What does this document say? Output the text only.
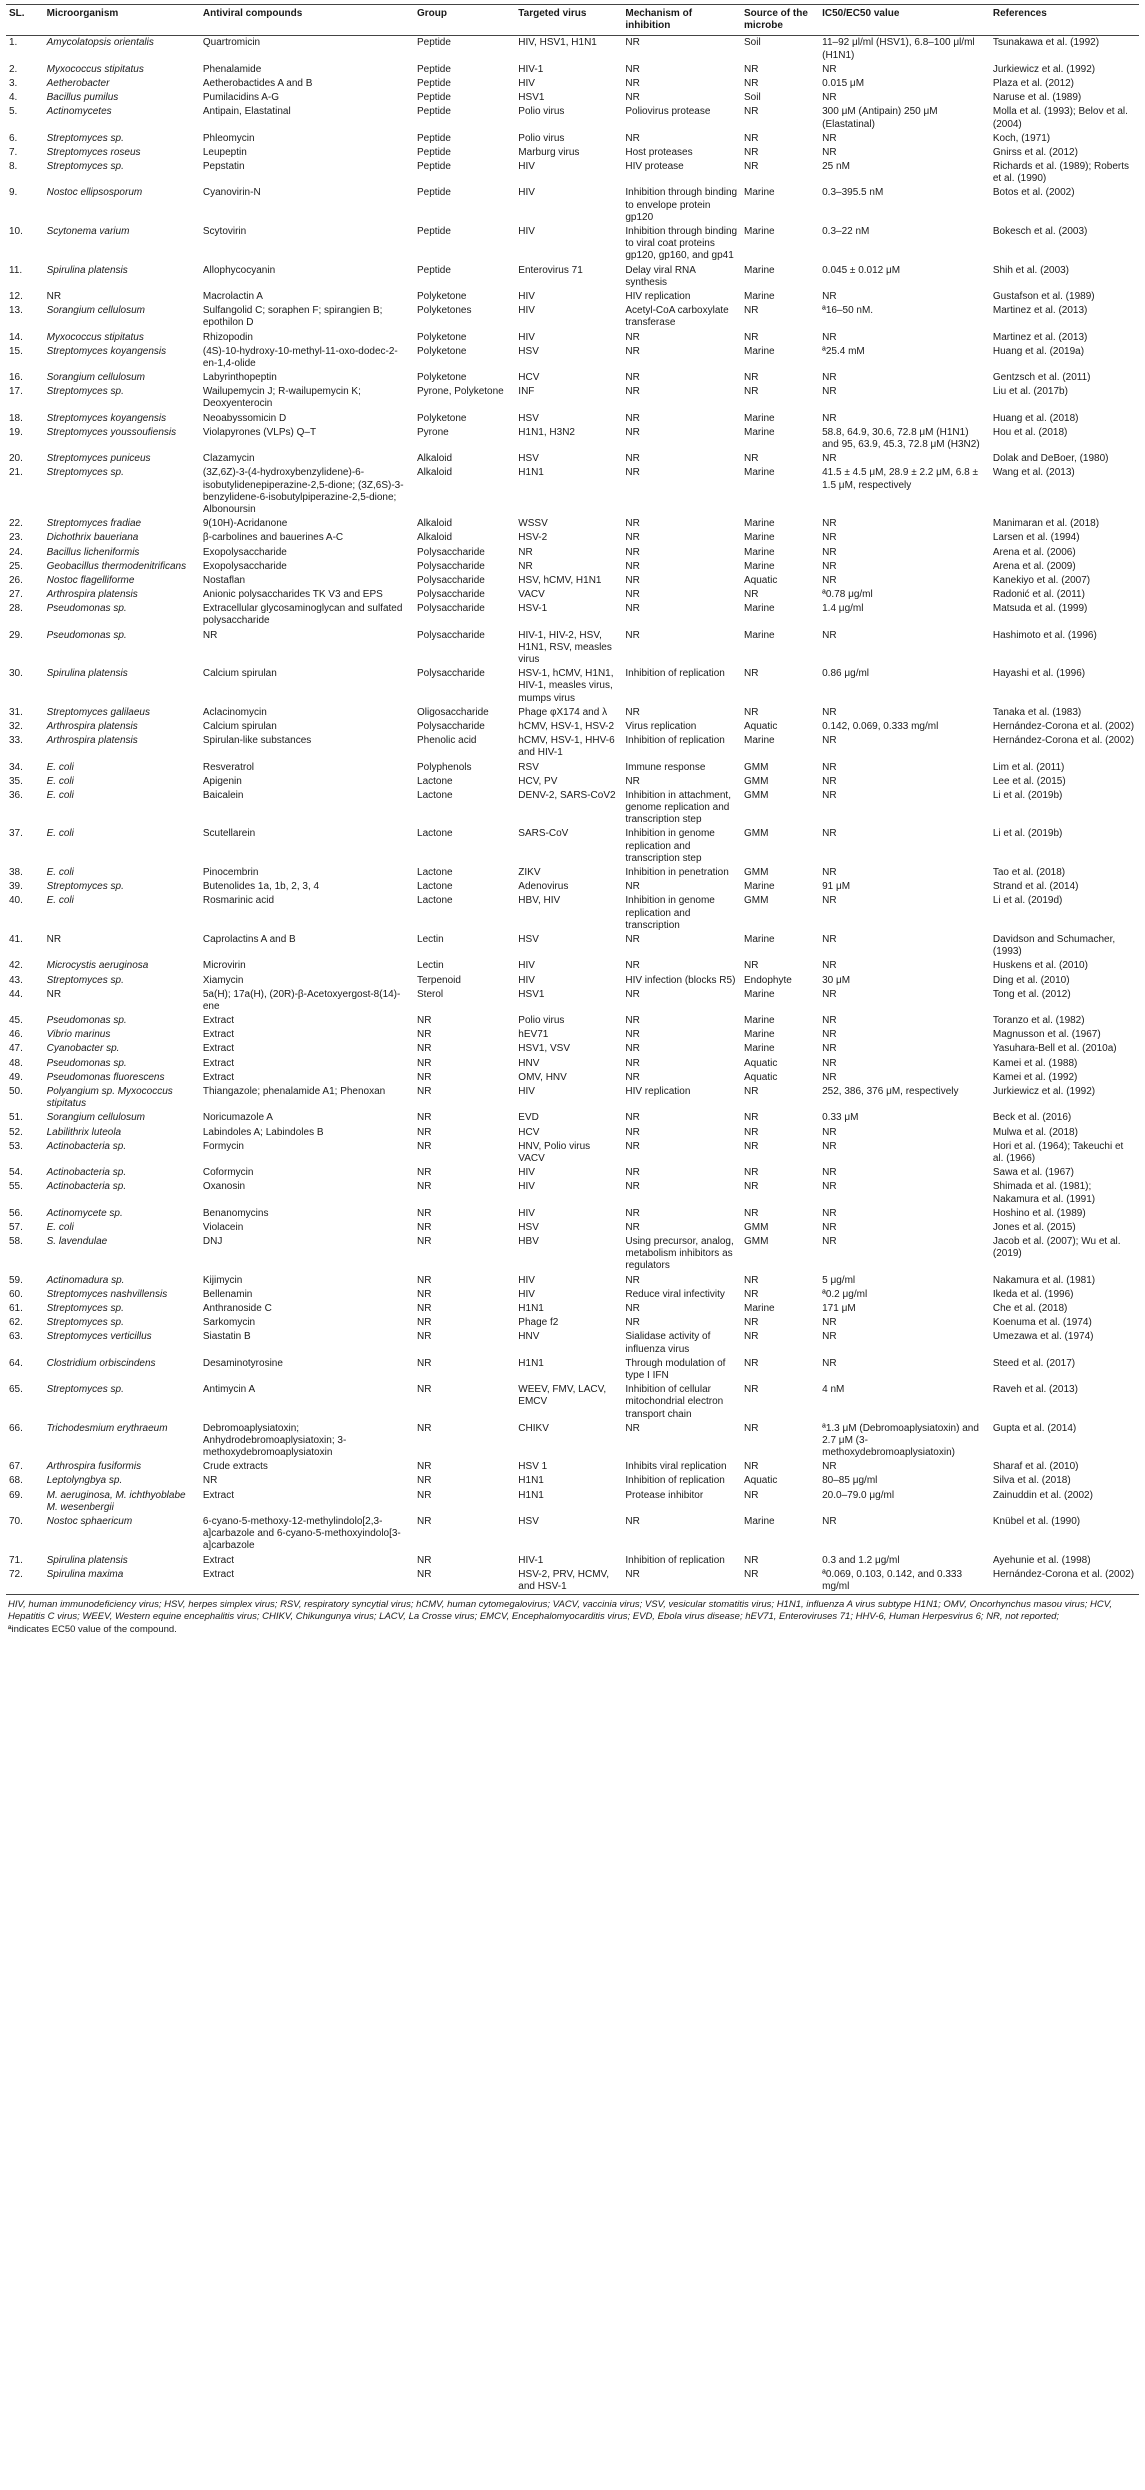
SL.	Microorganism	Antiviral compounds	Group	Targeted virus	Mechanism of inhibition	Source of the microbe	IC50/EC50 value	References
1.	Amycolatopsis orientalis	Quartromicin	Peptide	HIV, HSV1, H1N1	NR	Soil	11–92 μl/ml (HSV1), 6.8–100 μl/ml (H1N1)	Tsunakawa et al. (1992)
2.	Myxococcus stipitatus	Phenalamide	Peptide	HIV-1	NR	NR	NR	Jurkiewicz et al. (1992)
3.	Aetherobacter	Aetherobactides A and B	Peptide	HIV	NR	NR	0.015 μM	Plaza et al. (2012)
4.	Bacillus pumilus	Pumilacidins A-G	Peptide	HSV1	NR	Soil	NR	Naruse et al. (1989)
5.	Actinomycetes	Antipain, Elastatinal	Peptide	Polio virus	Poliovirus protease	NR	300 μM (Antipain) 250 μM (Elastatinal)	Molla et al. (1993); Belov et al. (2004)
6.	Streptomyces sp.	Phleomycin	Peptide	Polio virus	NR	NR	NR	Koch, (1971)
7.	Streptomyces roseus	Leupeptin	Peptide	Marburg virus	Host proteases	NR	NR	Gnirss et al. (2012)
8.	Streptomyces sp.	Pepstatin	Peptide	HIV	HIV protease	NR	25 nM	Richards et al. (1989); Roberts et al. (1990)
9.	Nostoc ellipsosporum	Cyanovirin-N	Peptide	HIV	Inhibition through binding to envelope protein gp120	Marine	0.3–395.5 nM	Botos et al. (2002)
10.	Scytonema varium	Scytovirin	Peptide	HIV	Inhibition through binding to viral coat proteins gp120, gp160, and gp41	Marine	0.3–22 nM	Bokesch et al. (2003)
11.	Spirulina platensis	Allophycocyanin	Peptide	Enterovirus 71	Delay viral RNA synthesis	Marine	0.045 ± 0.012 μM	Shih et al. (2003)
12.	NR	Macrolactin A	Polyketone	HIV	HIV replication	Marine	NR	Gustafson et al. (1989)
13.	Sorangium cellulosum	Sulfangolid C; soraphen F; spirangien B; epothilon D	Polyketones	HIV	Acetyl-CoA carboxylate transferase	NR	ª16–50 nM.	Martinez et al. (2013)
14.	Myxococcus stipitatus	Rhizopodin	Polyketone	HIV	NR	NR	NR	Martinez et al. (2013)
15.	Streptomyces koyangensis	(4S)-10-hydroxy-10-methyl-11-oxo-dodec-2-en-1,4-olide	Polyketone	HSV	NR	Marine	ª25.4 mM	Huang et al. (2019a)
16.	Sorangium cellulosum	Labyrinthopeptin	Polyketone	HCV	NR	NR	NR	Gentzsch et al. (2011)
17.	Streptomyces sp.	Wailupemycin J; R-wailupemycin K; Deoxyenterocin	Pyrone, Polyketone	INF	NR	NR	NR	Liu et al. (2017b)
18.	Streptomyces koyangensis	Neoabyssomicin D	Polyketone	HSV	NR	Marine	NR	Huang et al. (2018)
19.	Streptomyces youssoufiensis	Violapyrones (VLPs) Q–T	Pyrone	H1N1, H3N2	NR	Marine	58.8, 64.9, 30.6, 72.8 μM (H1N1) and 95, 63.9, 45.3, 72.8 μM (H3N2)	Hou et al. (2018)
20.	Streptomyces puniceus	Clazamycin	Alkaloid	HSV	NR	NR	NR	Dolak and DeBoer, (1980)
21.	Streptomyces sp.	(3Z,6Z)-3-(4-hydroxybenzylidene)-6-isobutylidenepiperazine-2,5-dione; (3Z,6S)-3-benzylidene-6-isobutylpiperazine-2,5-dione; Albonoursin	Alkaloid	H1N1	NR	Marine	41.5 ± 4.5 μM, 28.9 ± 2.2 μM, 6.8 ± 1.5 μM, respectively	Wang et al. (2013)
22.	Streptomyces fradiae	9(10H)-Acridanone	Alkaloid	WSSV	NR	Marine	NR	Manimaran et al. (2018)
23.	Dichothrix baueriana	β-carbolines and bauerines A-C	Alkaloid	HSV-2	NR	Marine	NR	Larsen et al. (1994)
24.	Bacillus licheniformis	Exopolysaccharide	Polysaccharide	NR	NR	Marine	NR	Arena et al. (2006)
25.	Geobacillus thermodenitrificans	Exopolysaccharide	Polysaccharide	NR	NR	Marine	NR	Arena et al. (2009)
26.	Nostoc flagelliforme	Nostaflan	Polysaccharide	HSV, hCMV, H1N1	NR	Aquatic	NR	Kanekiyo et al. (2007)
27.	Arthrospira platensis	Anionic polysaccharides TK V3 and EPS	Polysaccharide	VACV	NR	NR	ª0.78 μg/ml	Radonić et al. (2011)
28.	Pseudomonas sp.	Extracellular glycosaminoglycan and sulfated polysaccharide	Polysaccharide	HSV-1	NR	Marine	1.4 μg/ml	Matsuda et al. (1999)
29.	Pseudomonas sp.	NR	Polysaccharide	HIV-1, HIV-2, HSV, H1N1, RSV, measles virus	NR	Marine	NR	Hashimoto et al. (1996)
30.	Spirulina platensis	Calcium spirulan	Polysaccharide	HSV-1, hCMV, H1N1, HIV-1, measles virus, mumps virus	Inhibition of replication	NR	0.86 μg/ml	Hayashi et al. (1996)
31.	Streptomyces galilaeus	Aclacinomycin	Oligosaccharide	Phage φX174 and λ	NR	NR	NR	Tanaka et al. (1983)
32.	Arthrospira platensis	Calcium spirulan	Polysaccharide	hCMV, HSV-1, HSV-2	Virus replication	Aquatic	0.142, 0.069, 0.333 mg/ml	Hernández-Corona et al. (2002)
33.	Arthrospira platensis	Spirulan-like substances	Phenolic acid	hCMV, HSV-1, HHV-6 and HIV-1	Inhibition of replication	Marine	NR	Hernández-Corona et al. (2002)
34.	E. coli	Resveratrol	Polyphenols	RSV	Immune response	GMM	NR	Lim et al. (2011)
35.	E. coli	Apigenin	Lactone	HCV, PV	NR	GMM	NR	Lee et al. (2015)
36.	E. coli	Baicalein	Lactone	DENV-2, SARS-CoV2	Inhibition in attachment, genome replication and transcription step	GMM	NR	Li et al. (2019b)
37.	E. coli	Scutellarein	Lactone	SARS-CoV	Inhibition in genome replication and transcription step	GMM	NR	Li et al. (2019b)
38.	E. coli	Pinocembrin	Lactone	ZIKV	Inhibition in penetration	GMM	NR	Tao et al. (2018)
39.	Streptomyces sp.	Butenolides 1a, 1b, 2, 3, 4	Lactone	Adenovirus	NR	Marine	91 μM	Strand et al. (2014)
40.	E. coli	Rosmarinic acid	Lactone	HBV, HIV	Inhibition in genome replication and transcription	GMM	NR	Li et al. (2019d)
41.	NR	Caprolactins A and B	Lectin	HSV	NR	Marine	NR	Davidson and Schumacher, (1993)
42.	Microcystis aeruginosa	Microvirin	Lectin	HIV	NR	NR	NR	Huskens et al. (2010)
43.	Streptomyces sp.	Xiamycin	Terpenoid	HIV	HIV infection (blocks R5)	Endophyte	30 μM	Ding et al. (2010)
44.	NR	5a(H); 17a(H), (20R)-β-Acetoxyergost-8(14)-ene	Sterol	HSV1	NR	Marine	NR	Tong et al. (2012)
45.	Pseudomonas sp.	Extract	NR	Polio virus	NR	Marine	NR	Toranzo et al. (1982)
46.	Vibrio marinus	Extract	NR	hEV71	NR	Marine	NR	Magnusson et al. (1967)
47.	Cyanobacter sp.	Extract	NR	HSV1, VSV	NR	Marine	NR	Yasuhara-Bell et al. (2010a)
48.	Pseudomonas sp.	Extract	NR	HNV	NR	Aquatic	NR	Kamei et al. (1988)
49.	Pseudomonas fluorescens	Extract	NR	OMV, HNV	NR	Aquatic	NR	Kamei et al. (1992)
50.	Polyangium sp. Myxococcus stipitatus	Thiangazole; phenalamide A1; Phenoxan	NR	HIV	HIV replication	NR	252, 386, 376 μM, respectively	Jurkiewicz et al. (1992)
51.	Sorangium cellulosum	Noricumazole A	NR	EVD	NR	NR	0.33 μM	Beck et al. (2016)
52.	Labilithrix luteola	Labindoles A; Labindoles B	NR	HCV	NR	NR	NR	Mulwa et al. (2018)
53.	Actinobacteria sp.	Formycin	NR	HNV, Polio virus VACV	NR	NR	NR	Hori et al. (1964); Takeuchi et al. (1966)
54.	Actinobacteria sp.	Coformycin	NR	HIV	NR	NR	NR	Sawa et al. (1967)
55.	Actinobacteria sp.	Oxanosin	NR	HIV	NR	NR	NR	Shimada et al. (1981); Nakamura et al. (1991)
56.	Actinomycete sp.	Benanomycins	NR	HIV	NR	NR	NR	Hoshino et al. (1989)
57.	E. coli	Violacein	NR	HSV	NR	GMM	NR	Jones et al. (2015)
58.	S. lavendulae	DNJ	NR	HBV	Using precursor, analog, metabolism inhibitors as regulators	GMM	NR	Jacob et al. (2007); Wu et al. (2019)
59.	Actinomadura sp.	Kijimycin	NR	HIV	NR	NR	5 μg/ml	Nakamura et al. (1981)
60.	Streptomyces nashvillensis	Bellenamin	NR	HIV	Reduce viral infectivity	NR	ª0.2 μg/ml	Ikeda et al. (1996)
61.	Streptomyces sp.	Anthranoside C	NR	H1N1	NR	Marine	171 μM	Che et al. (2018)
62.	Streptomyces sp.	Sarkomycin	NR	Phage f2	NR	NR	NR	Koenuma et al. (1974)
63.	Streptomyces verticillus	Siastatin B	NR	HNV	Sialidase activity of influenza virus	NR	NR	Umezawa et al. (1974)
64.	Clostridium orbiscindens	Desaminotyrosine	NR	H1N1	Through modulation of type I IFN	NR	NR	Steed et al. (2017)
65.	Streptomyces sp.	Antimycin A	NR	WEEV, FMV, LACV, EMCV	Inhibition of cellular mitochondrial electron transport chain	NR	4 nM	Raveh et al. (2013)
66.	Trichodesmium erythraeum	Debromoaplysiatoxin; Anhydrodebromoaplysiatoxin; 3-methoxydebromoaplysiatoxin	NR	CHIKV	NR	NR	ª1.3 μM (Debromoaplysiatoxin) and 2.7 μM (3-methoxydebromoaplysiatoxin)	Gupta et al. (2014)
67.	Arthrospira fusiformis	Crude extracts	NR	HSV 1	Inhibits viral replication	NR	NR	Sharaf et al. (2010)
68.	Leptolyngbya sp.	NR	NR	H1N1	Inhibition of replication	Aquatic	80–85 μg/ml	Silva et al. (2018)
69.	M. aeruginosa, M. ichthyoblabe M. wesenbergii	Extract	NR	H1N1	Protease inhibitor	NR	20.0–79.0 μg/ml	Zainuddin et al. (2002)
70.	Nostoc sphaericum	6-cyano-5-methoxy-12-methylindolo[2,3-a]carbazole and 6-cyano-5-methoxyindolo[3-a]carbazole	NR	HSV	NR	Marine	NR	Knübel et al. (1990)
71.	Spirulina platensis	Extract	NR	HIV-1	Inhibition of replication	NR	0.3 and 1.2 μg/ml	Ayehunie et al. (1998)
72.	Spirulina maxima	Extract	NR	HSV-2, PRV, HCMV, and HSV-1	NR	NR	ª0.069, 0.103, 0.142, and 0.333 mg/ml	Hernández-Corona et al. (2002)

HIV, human immunodeficiency virus; HSV, herpes simplex virus; RSV, respiratory syncytial virus; hCMV, human cytomegalovirus; VACV, vaccinia virus; VSV, vesicular stomatitis virus; H1N1, influenza A virus subtype H1N1; OMV, Oncorhynchus masou virus; HCV, Hepatitis C virus; WEEV, Western equine encephalitis virus; CHIKV, Chikungunya virus; LACV, La Crosse virus; EMCV, Encephalomyocarditis virus; EVD, Ebola virus disease; hEV71, Enteroviruses 71; HHV-6, Human Herpesvirus 6; NR, not reported;

ªindicates EC50 value of the compound.
